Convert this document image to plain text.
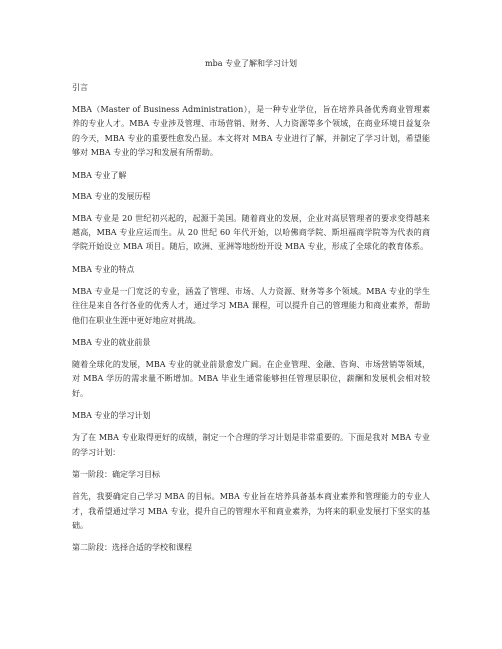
mba 专业了解和学习计划
引言
MBA（Master of Business Administration），是一种专业学位，旨在培养具备优秀商业管理素养的专业人才。MBA 专业涉及管理、市场营销、财务、人力资源等多个领域，在商业环境日益复杂的今天，MBA 专业的重要性愈发凸显。本文将对 MBA 专业进行了解，并制定了学习计划，希望能够对 MBA 专业的学习和发展有所帮助。
MBA 专业了解
MBA 专业的发展历程
MBA 专业是 20 世纪初兴起的，起源于美国。随着商业的发展，企业对高层管理者的要求变得越来越高，MBA 专业应运而生。从 20 世纪 60 年代开始，以哈佛商学院、斯坦福商学院等为代表的商学院开始设立 MBA 项目。随后，欧洲、亚洲等地纷纷开设 MBA 专业，形成了全球化的教育体系。
MBA 专业的特点
MBA 专业是一门宽泛的专业，涵盖了管理、市场、人力资源、财务等多个领域。MBA 专业的学生往往是来自各行各业的优秀人才，通过学习 MBA 课程，可以提升自己的管理能力和商业素养，帮助他们在职业生涯中更好地应对挑战。
MBA 专业的就业前景
随着全球化的发展，MBA 专业的就业前景愈发广阔。在企业管理、金融、咨询、市场营销等领域，对 MBA 学历的需求量不断增加。MBA 毕业生通常能够担任管理层职位，薪酬和发展机会相对较好。
MBA 专业的学习计划
为了在 MBA 专业取得更好的成绩，制定一个合理的学习计划是非常重要的。下面是我对 MBA 专业的学习计划：
第一阶段：确定学习目标
首先，我要确定自己学习 MBA 的目标。MBA 专业旨在培养具备基本商业素养和管理能力的专业人才，我希望通过学习 MBA 专业，提升自己的管理水平和商业素养，为将来的职业发展打下坚实的基础。
第二阶段：选择合适的学校和课程
